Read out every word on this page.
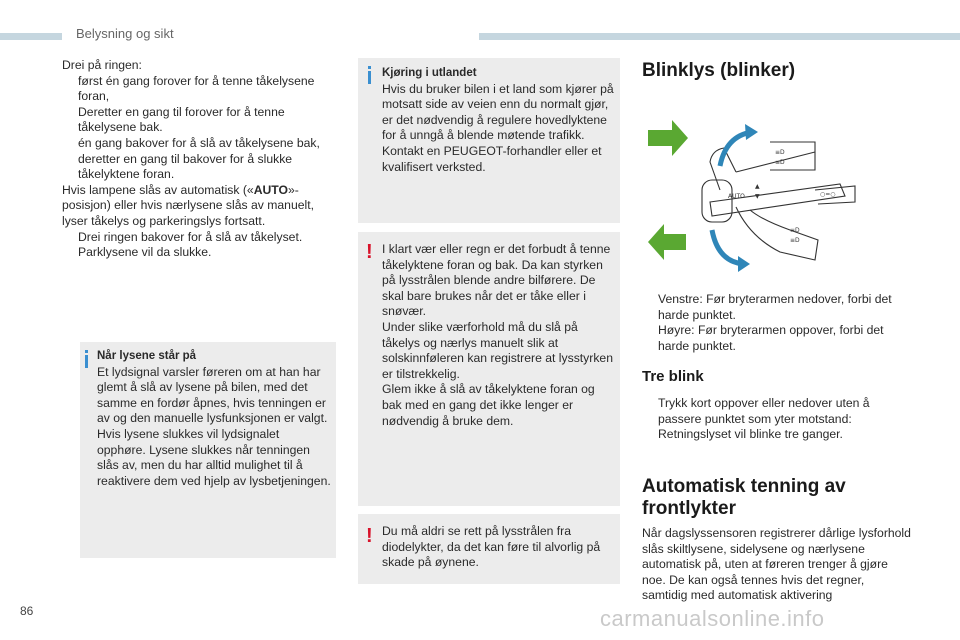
Belysning og sikt
Drei på ringen:
først én gang forover for å tenne tåkelysene foran,
Deretter en gang til forover for å tenne tåkelysene bak.
én gang bakover for å slå av tåkelysene bak,
deretter en gang til bakover for å slukke tåkelyktene foran.
Hvis lampene slås av automatisk («AUTO»-posisjon) eller hvis nærlysene slås av manuelt, lyser tåkelys og parkeringslys fortsatt.
Drei ringen bakover for å slå av tåkelyset. Parklysene vil da slukke.
Når lysene står på
Et lydsignal varsler føreren om at han har glemt å slå av lysene på bilen, med det samme en fordør åpnes, hvis tenningen er av og den manuelle lysfunksjonen er valgt. Hvis lysene slukkes vil lydsignalet opphøre. Lysene slukkes når tenningen slås av, men du har alltid mulighet til å reaktivere dem ved hjelp av lysbetjeningen.
Kjøring i utlandet
Hvis du bruker bilen i et land som kjører på motsatt side av veien enn du normalt gjør, er det nødvendig å regulere hovedlyktene for å unngå å blende møtende trafikk. Kontakt en PEUGEOT-forhandler eller et kvalifisert verksted.
! I klart vær eller regn er det forbudt å tenne tåkelyktene foran og bak. Da kan styrken på lysstrålen blende andre bilførere. De skal bare brukes når det er tåke eller i snøvær.
Under slike værforhold må du slå på tåkelys og nærlys manuelt slik at solskinnføleren kan registrere at lysstyrken er tilstrekkelig.
Glem ikke å slå av tåkelyktene foran og bak med en gang det ikke lenger er nødvendig å bruke dem.
! Du må aldri se rett på lysstrålen fra diodelykter, da det kan føre til alvorlig på skade på øynene.
Blinklys (blinker)
AUTO
▲
▼
≡D
≡D
○=○
≡D
≡D
Venstre: Før bryterarmen nedover, forbi det harde punktet.
Høyre: Før bryterarmen oppover, forbi det harde punktet.
Tre blink
Trykk kort oppover eller nedover uten å passere punktet som yter motstand: Retningslyset vil blinke tre ganger.
Automatisk tenning av frontlykter
Når dagslyssensoren registrerer dårlige lysforhold slås skiltlysene, sidelysene og nærlysene automatisk på, uten at føreren trenger å gjøre noe. De kan også tennes hvis det regner, samtidig med automatisk aktivering
86	carmanualsonline.info
